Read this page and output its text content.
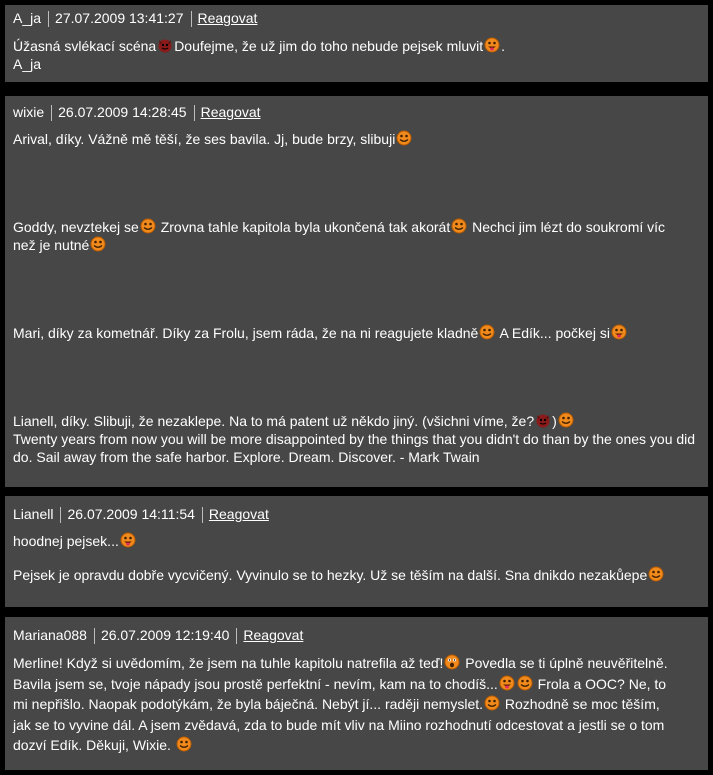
A_ja 27.07.2009 13:41:27 Reagovat
Úžasná svlékací scéna Doufejme, že už jim do toho nebude pejsek mluvit .
A_ja
wixie 26.07.2009 14:28:45 Reagovat
Arival, díky. Vážně mě těší, že ses bavila. Jj, bude brzy, slibuji
Goddy, nevztekej se Zrovna tahle kapitola byla ukončená tak akorát Nechci jim lézt do soukromí víc
než je nutné
Mari, díky za kometnář. Díky za Frolu, jsem ráda, že na ni reagujete kladně A Edík... počkej si
Lianell, díky. Slibuji, že nezaklepe. Na to má patent už někdo jiný. (všichni víme, že? )
Twenty years from now you will be more disappointed by the things that you didn't do than by the ones you did do. Sail away from the safe harbor. Explore. Dream. Discover. - Mark Twain
Lianell 26.07.2009 14:11:54 Reagovat
hoodnej pejsek...
Pejsek je opravdu dobře vycvičený. Vyvinulo se to hezky. Už se těším na další. Sna dnikdo nezakůepe
Mariana088 26.07.2009 12:19:40 Reagovat
Merline! Když si uvědomím, že jsem na tuhle kapitolu natrefila až teď! Povedla se ti úplně neuvěřitelně.
Bavila jsem se, tvoje nápady jsou prostě perfektní - nevím, kam na to chodíš...	Frola a OOC? Ne, to
mi nepřišlo. Naopak podotýkám, že byla báječná. Nebýt jí... raději nemyslet. Rozhodně se moc těším,
jak se to vyvine dál. A jsem zvědavá, zda to bude mít vliv na Miino rozhodnutí odcestovat a jestli se o tom
dozví Edík. Děkuji, Wixie.
